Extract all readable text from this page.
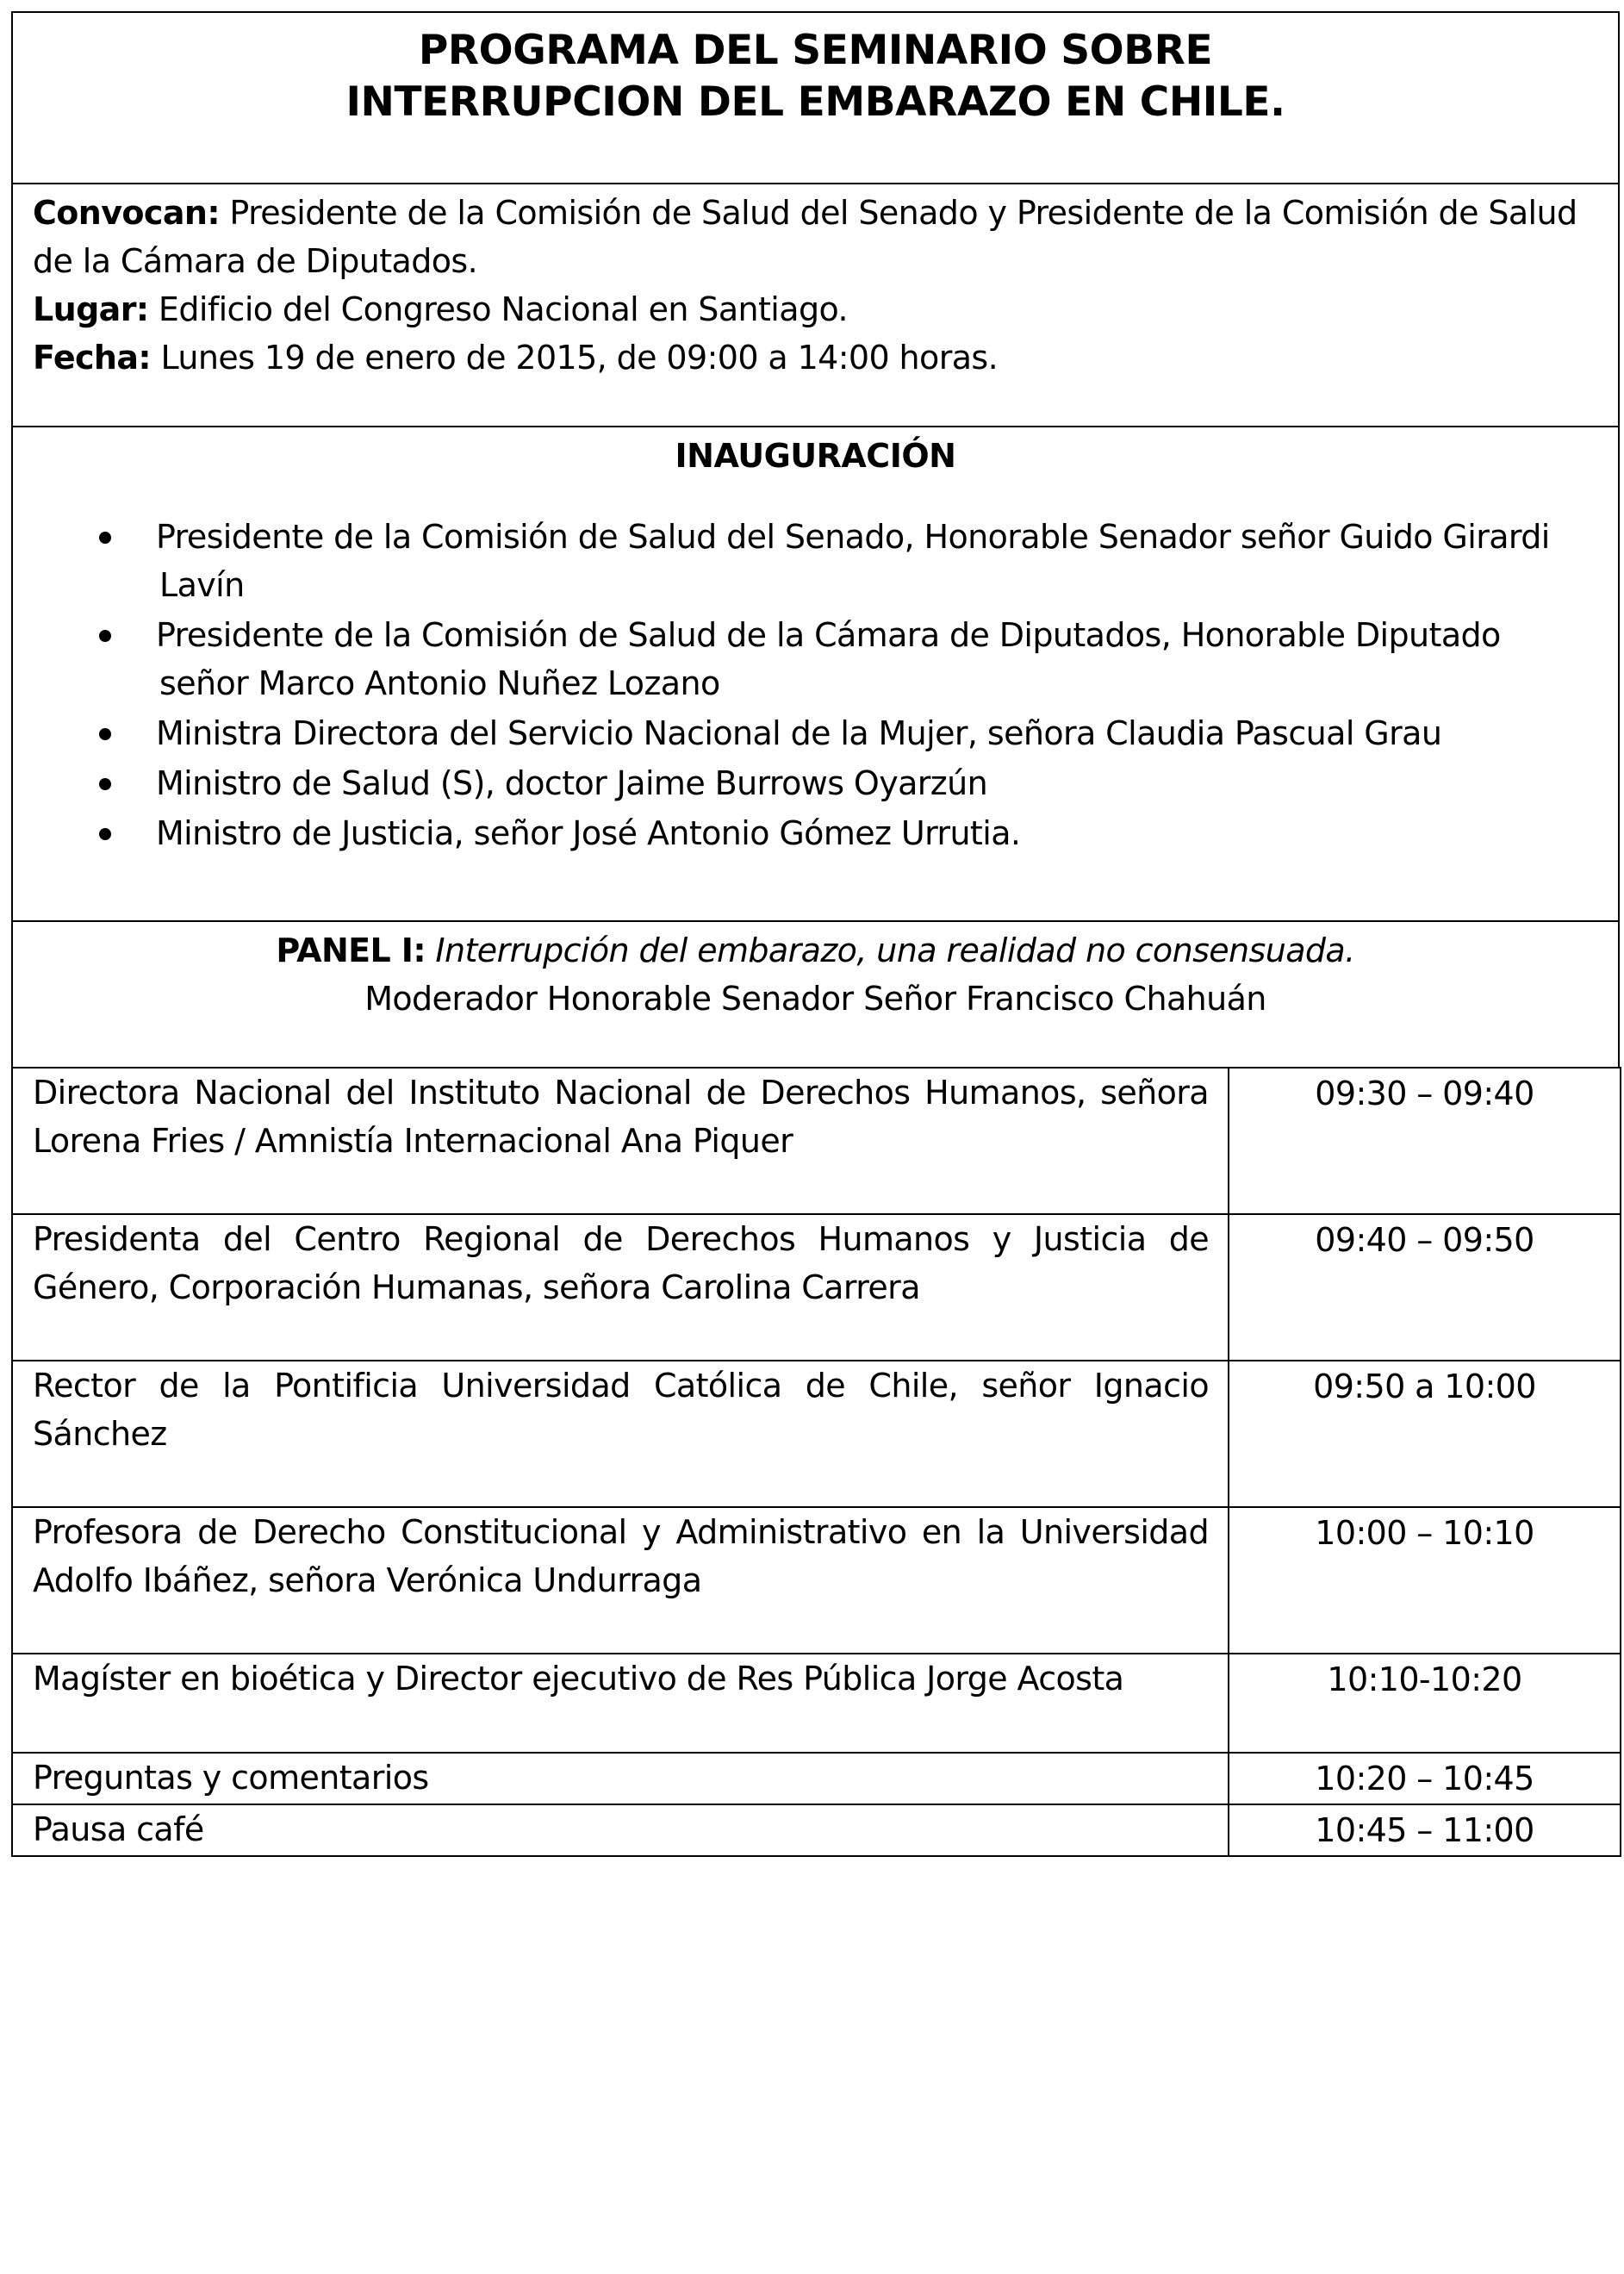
PROGRAMA DEL SEMINARIO SOBRE
INTERRUPCION DEL EMBARAZO EN CHILE.
Convocan: Presidente de la Comisión de Salud del Senado y Presidente de la Comisión de Salud de la Cámara de Diputados.
Lugar: Edificio del Congreso Nacional en Santiago.
Fecha: Lunes 19 de enero de 2015, de 09:00 a 14:00 horas.
INAUGURACIÓN
Presidente de la Comisión de Salud del Senado, Honorable Senador señor Guido Girardi Lavín
Presidente de la Comisión de Salud de la Cámara de Diputados, Honorable Diputado señor Marco Antonio Nuñez Lozano
Ministra Directora del Servicio Nacional de la Mujer, señora Claudia Pascual Grau
Ministro de Salud (S), doctor Jaime Burrows Oyarzún
Ministro de Justicia, señor José Antonio Gómez Urrutia.
PANEL I: Interrupción del embarazo, una realidad no consensuada.
Moderador Honorable Senador Señor Francisco Chahuán
Directora Nacional del Instituto Nacional de Derechos Humanos, señora Lorena Fries / Amnistía Internacional Ana Piquer	09:30 – 09:40
Presidenta del Centro Regional de Derechos Humanos y Justicia de Género, Corporación Humanas, señora Carolina Carrera	09:40 – 09:50
Rector de la Pontificia Universidad Católica de Chile, señor Ignacio Sánchez	09:50 a 10:00
Profesora de Derecho Constitucional y Administrativo en la Universidad Adolfo Ibáñez, señora Verónica Undurraga	10:00 – 10:10
Magíster en bioética y Director ejecutivo de Res Pública Jorge Acosta	10:10-10:20
Preguntas y comentarios	10:20 – 10:45
Pausa café	10:45 – 11:00
